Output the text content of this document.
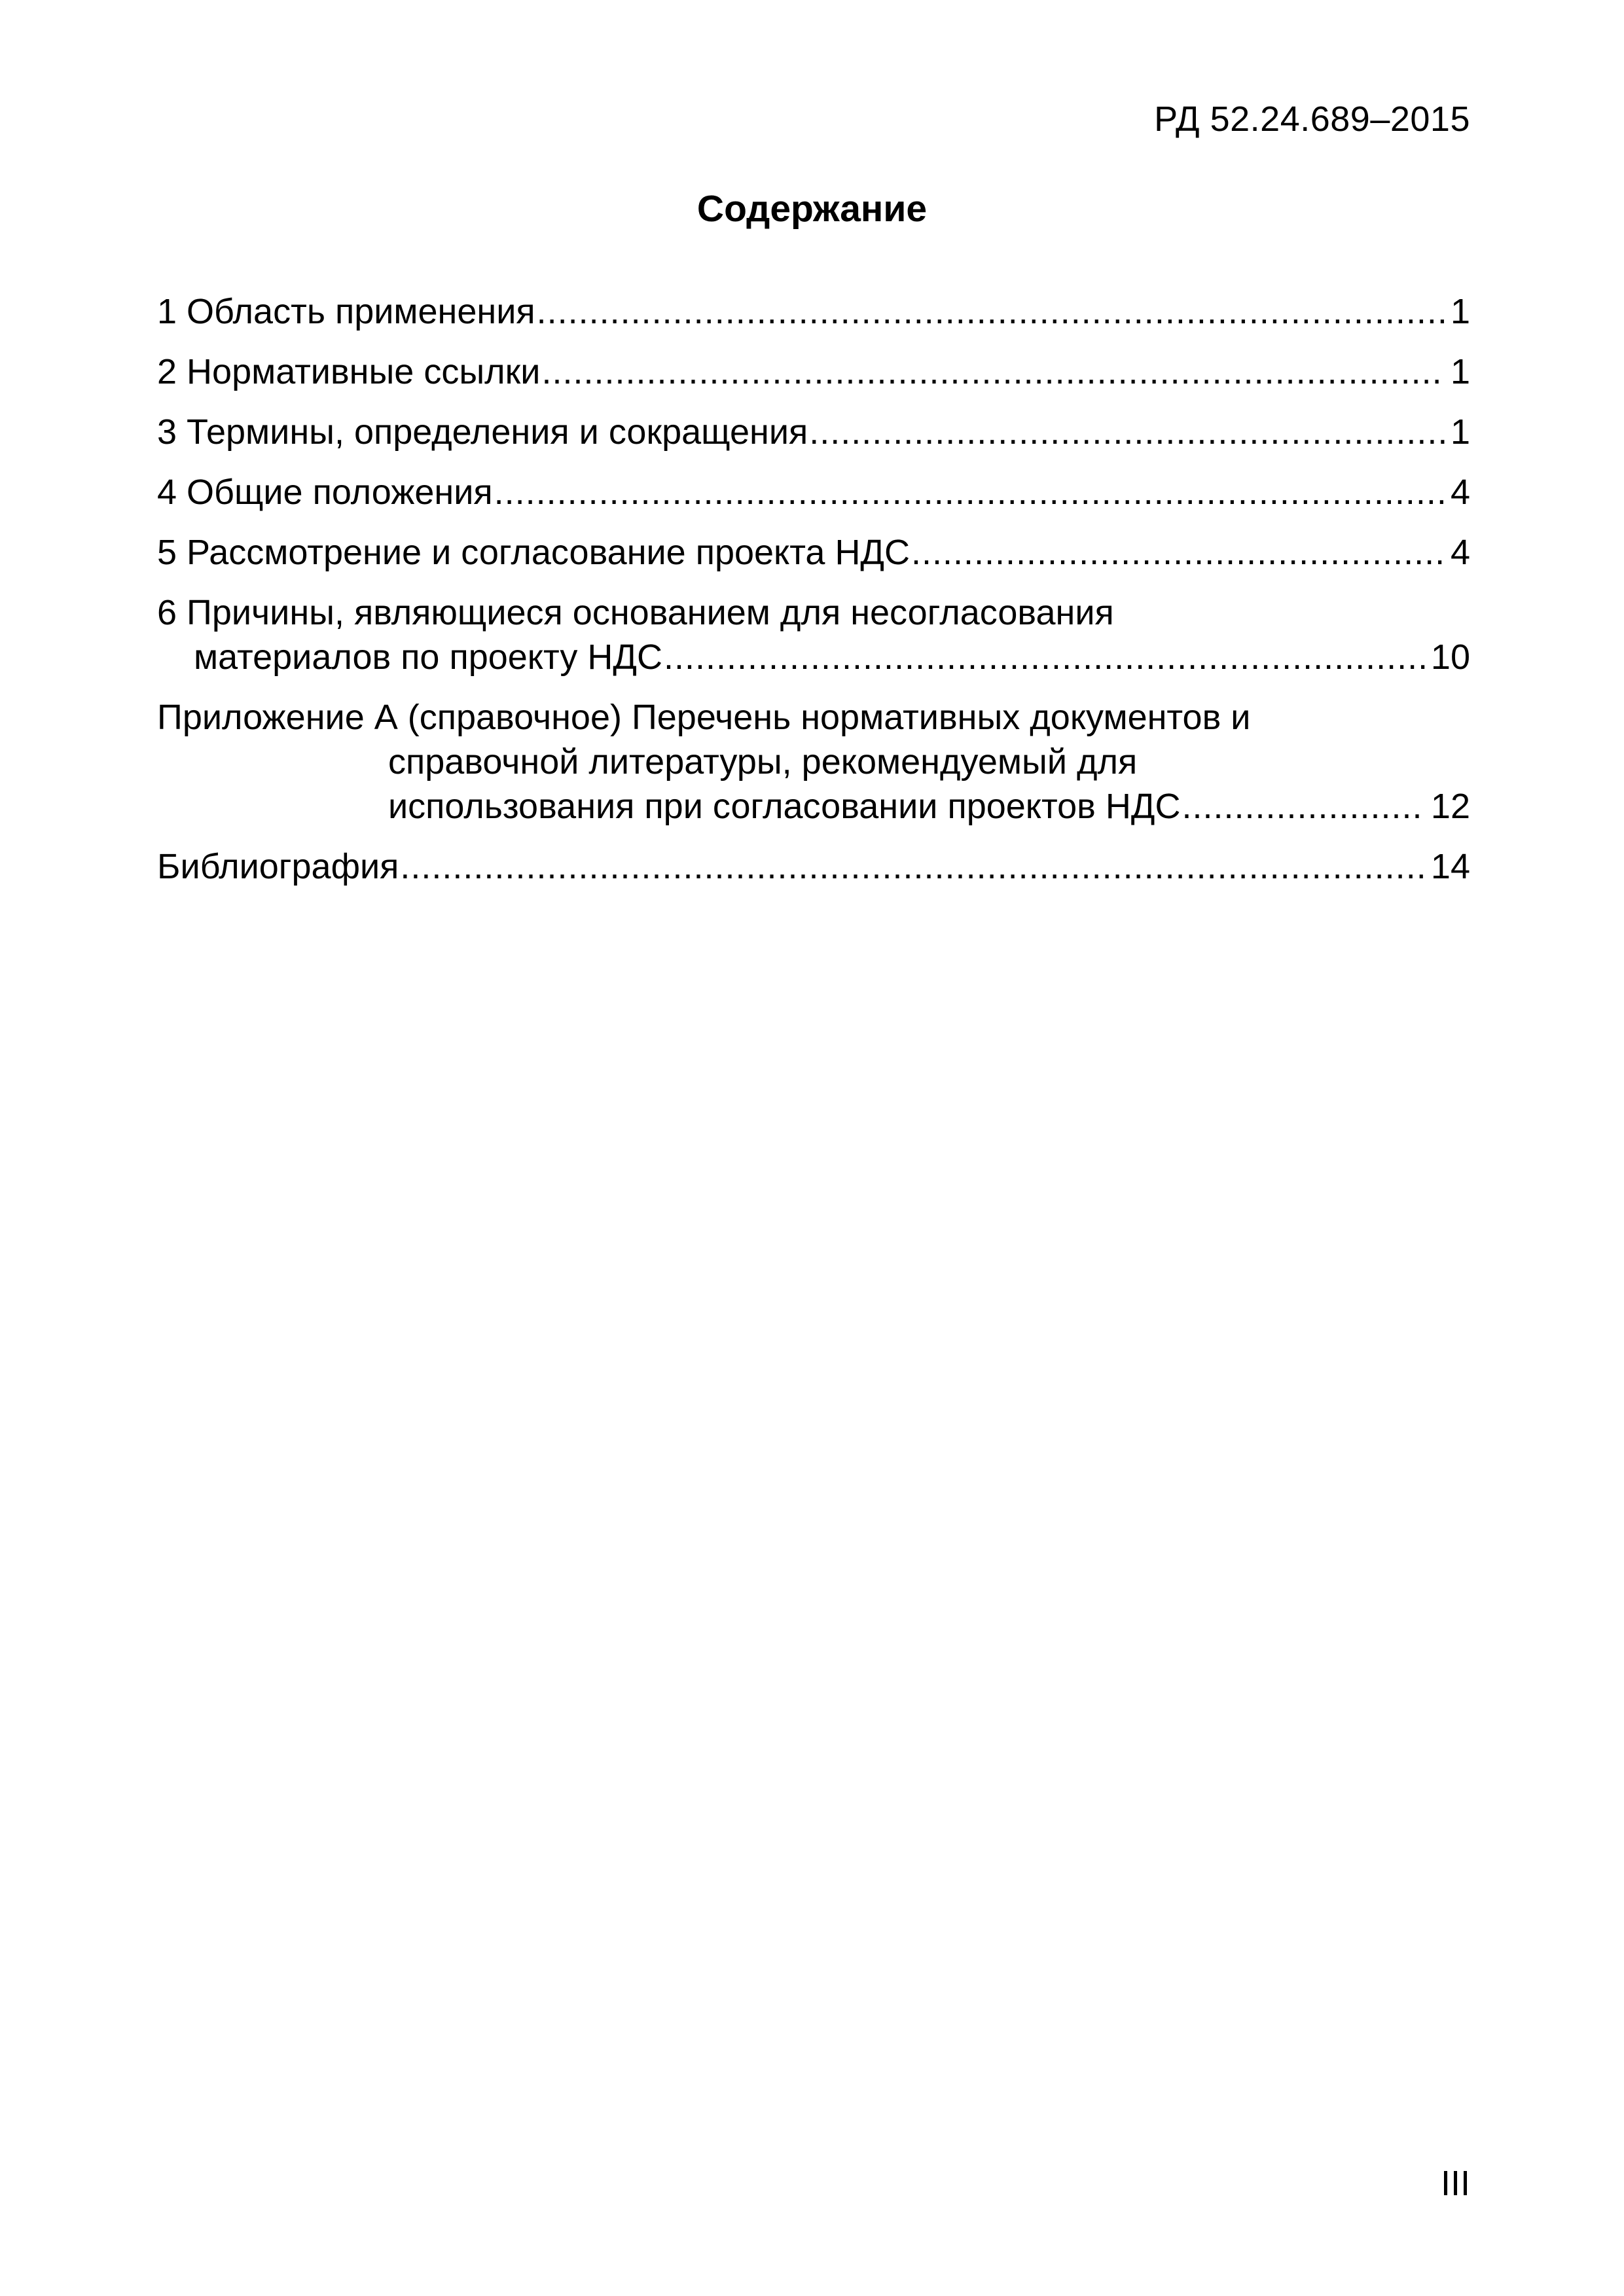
РД 52.24.689–2015
Содержание
1 Область применения .....	1
2 Нормативные ссылки .....	1
3 Термины, определения и сокращения .....	1
4 Общие положения .....	4
5 Рассмотрение и согласование проекта НДС .....	4
6 Причины, являющиеся основанием для несогласования
материалов по проекту НДС .....	10
Приложение А (справочное) Перечень нормативных документов и
справочной литературы, рекомендуемый для
использования при согласовании проектов НДС .....	12
Библиография .....	14
III
